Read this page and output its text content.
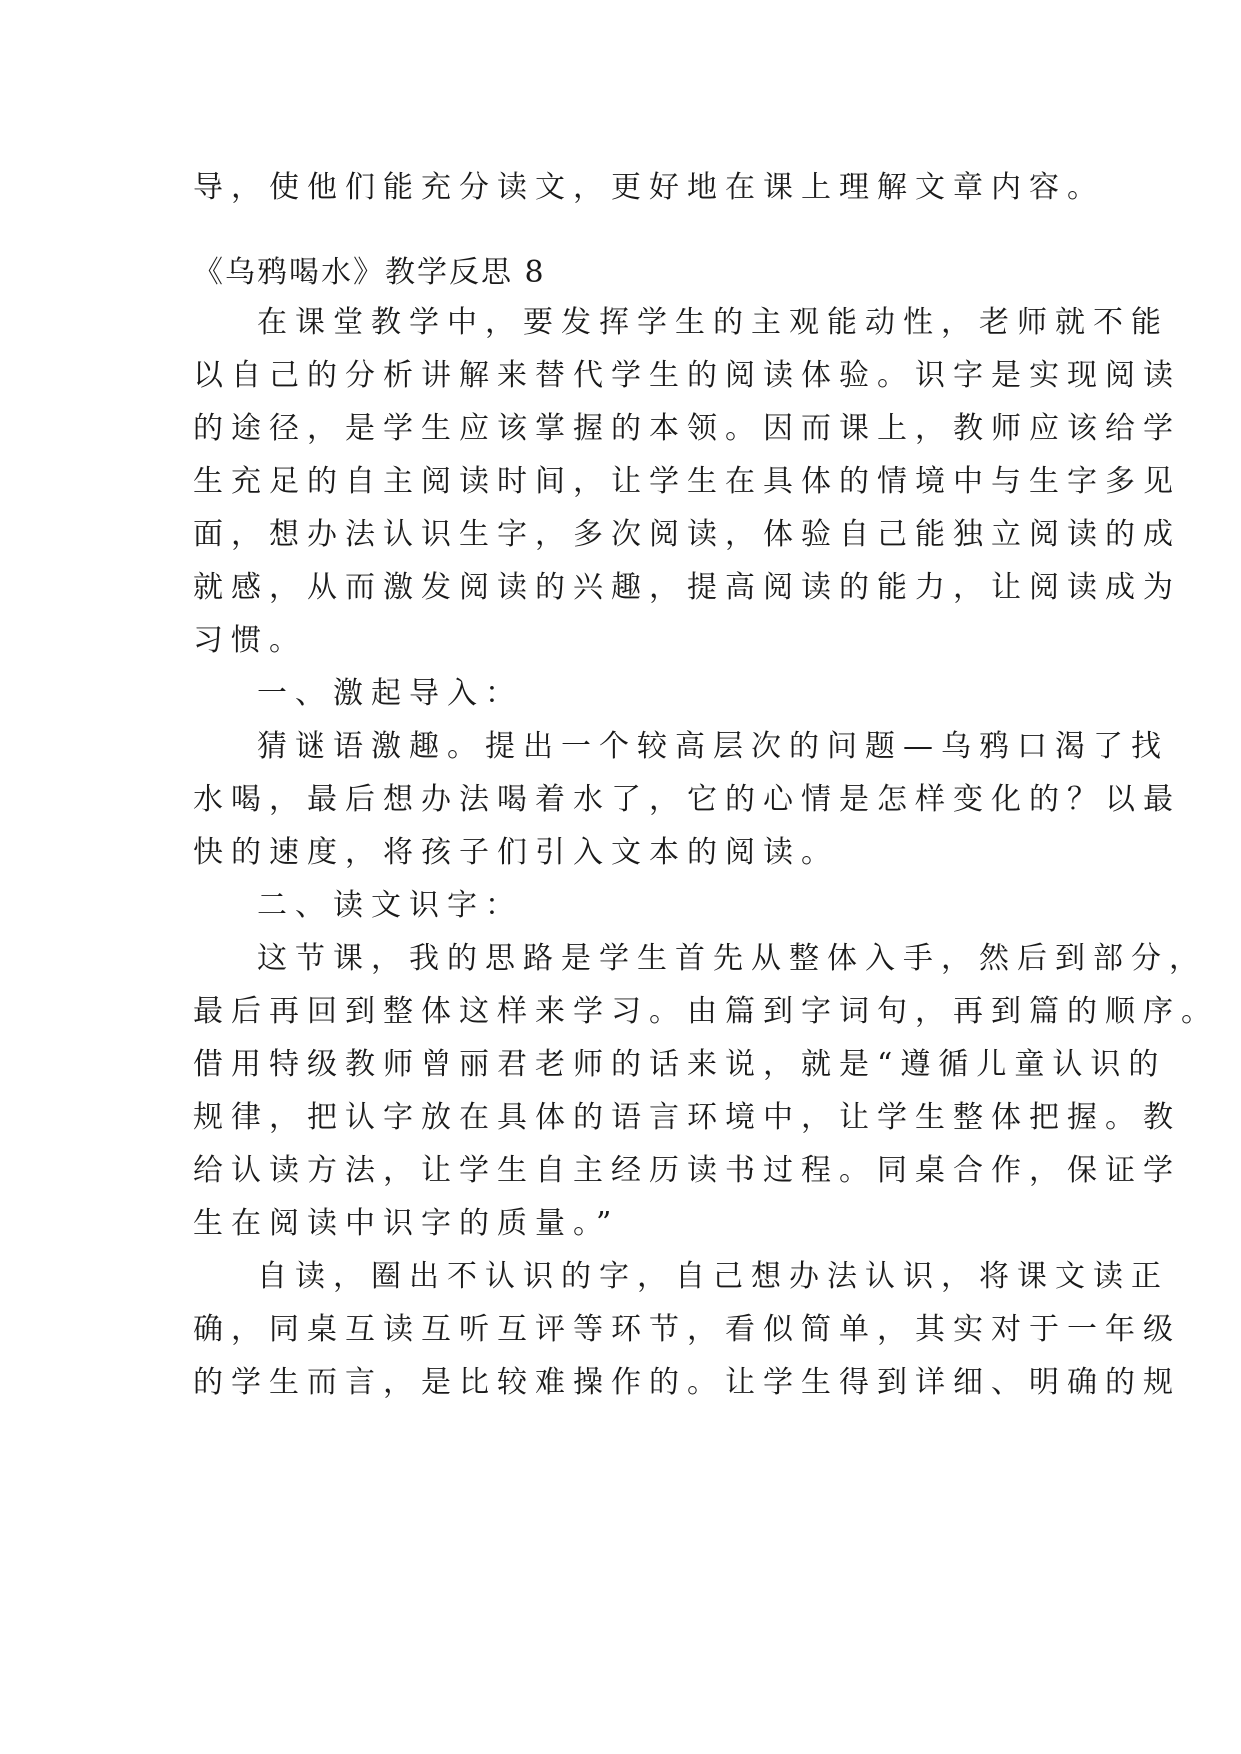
导，使他们能充分读文，更好地在课上理解文章内容。
《乌鸦喝水》教学反思 8
在课堂教学中，要发挥学生的主观能动性，老师就不能
以自己的分析讲解来替代学生的阅读体验。识字是实现阅读
的途径，是学生应该掌握的本领。因而课上，教师应该给学
生充足的自主阅读时间，让学生在具体的情境中与生字多见
面，想办法认识生字，多次阅读，体验自己能独立阅读的成
就感，从而激发阅读的兴趣，提高阅读的能力，让阅读成为
习惯。
一、激起导入：
猜谜语激趣。提出一个较高层次的问题—乌鸦口渴了找
水喝，最后想办法喝着水了，它的心情是怎样变化的？以最
快的速度，将孩子们引入文本的阅读。
二、读文识字：
这节课，我的思路是学生首先从整体入手，然后到部分，
最后再回到整体这样来学习。由篇到字词句，再到篇的顺序。
借用特级教师曾丽君老师的话来说，就是“遵循儿童认识的
规律，把认字放在具体的语言环境中，让学生整体把握。教
给认读方法，让学生自主经历读书过程。同桌合作，保证学
生在阅读中识字的质量。”
自读，圈出不认识的字，自己想办法认识，将课文读正
确，同桌互读互听互评等环节，看似简单，其实对于一年级
的学生而言，是比较难操作的。让学生得到详细、明确的规
